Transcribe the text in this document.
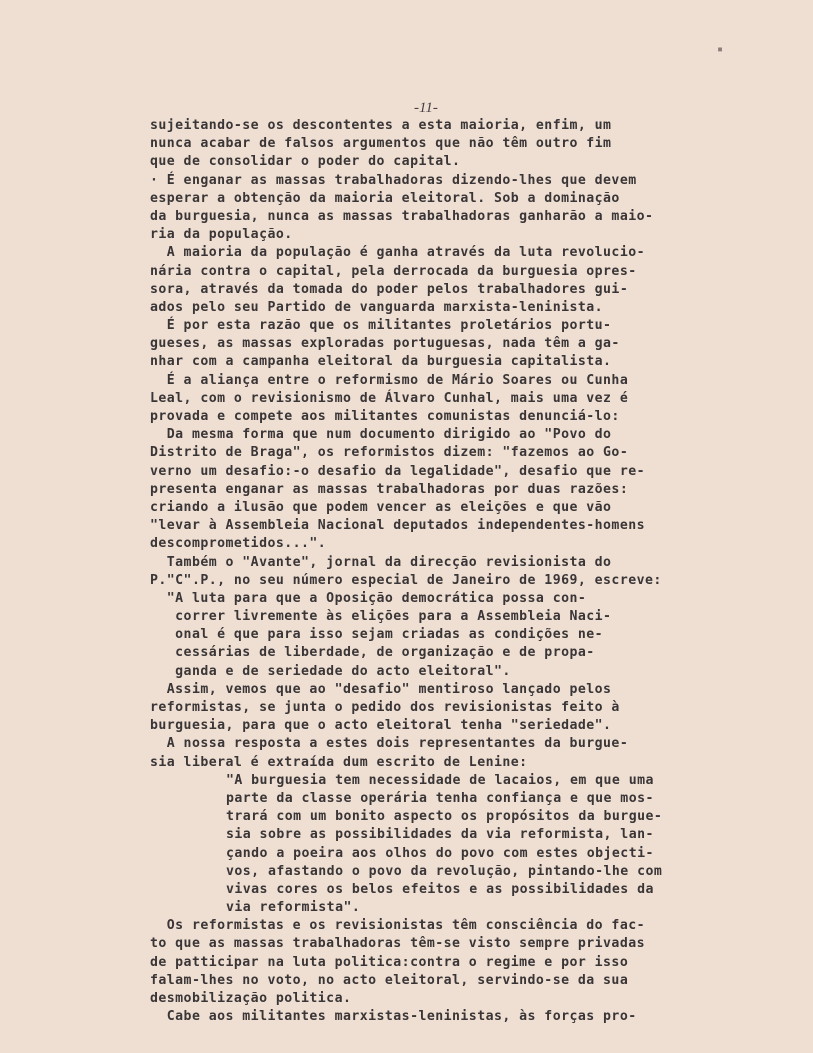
-11-
sujeitando-se os descontentes a esta maioria, enfim, um
nunca acabar de falsos argumentos que não têm outro fim
que de consolidar o poder do capital.
· É enganar as massas trabalhadoras dizendo-lhes que devem
esperar a obtenção da maioria eleitoral. Sob a dominação
da burguesia, nunca as massas trabalhadoras ganharão a maio-
ria da população.
A maioria da população é ganha através da luta revolucio-
nária contra o capital, pela derrocada da burguesia opres-
sora, através da tomada do poder pelos trabalhadores gui-
ados pelo seu Partido de vanguarda marxista-leninista.
É por esta razão que os militantes proletários portu-
gueses, as massas exploradas portuguesas, nada têm a ga-
nhar com a campanha eleitoral da burguesia capitalista.
É a aliança entre o reformismo de Mário Soares ou Cunha
Leal, com o revisionismo de Álvaro Cunhal, mais uma vez é
provada e compete aos militantes comunistas denunciá-lo:
Da mesma forma que num documento dirigido ao "Povo do
Distrito de Braga", os reformistos dizem: "fazemos ao Go-
verno um desafio:-o desafio da legalidade", desafio que re-
presenta enganar as massas trabalhadoras por duas razões:
criando a ilusão que podem vencer as eleições e que vão
"levar à Assembleia Nacional deputados independentes-homens
descomprometidos...".
Também o "Avante", jornal da direcção revisionista do
P."C".P., no seu número especial de Janeiro de 1969, escreve:
"A luta para que a Oposição democrática possa con-
correr livremente às eliçōes para a Assembleia Naci-
onal é que para isso sejam criadas as condições ne-
cessárias de liberdade, de organização e de propa-
ganda e de seriedade do acto eleitoral".
Assim, vemos que ao "desafio" mentiroso lançado pelos
reformistas, se junta o pedido dos revisionistas feito à
burguesia, para que o acto eleitoral tenha "seriedade".
A nossa resposta a estes dois representantes da burgue-
sia liberal é extraída dum escrito de Lenine:
"A burguesia tem necessidade de lacaios, em que uma
parte da classe operária tenha confiança e que mos-
trará com um bonito aspecto os propósitos da burgue-
sia sobre as possibilidades da via reformista, lan-
çando a poeira aos olhos do povo com estes objecti-
vos, afastando o povo da revolução, pintando-lhe com
vivas cores os belos efeitos e as possibilidades da
via reformista".
Os reformistas e os revisionistas têm consciência do fac-
to que as massas trabalhadoras têm-se visto sempre privadas
de patticipar na luta politica:contra o regime e por isso
falam-lhes no voto, no acto eleitoral, servindo-se da sua
desmobilização politica.
Cabe aos militantes marxistas-leninistas, às forças pro-
▪
